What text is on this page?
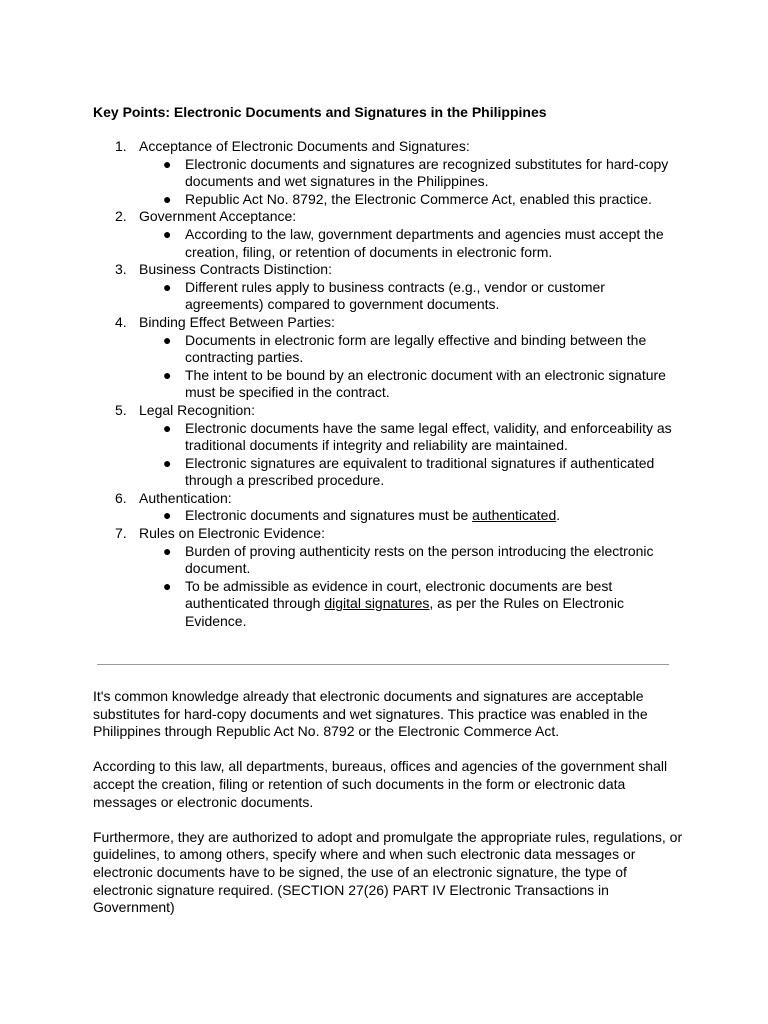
Key Points: Electronic Documents and Signatures in the Philippines
1. Acceptance of Electronic Documents and Signatures:
● Electronic documents and signatures are recognized substitutes for hard-copy documents and wet signatures in the Philippines.
● Republic Act No. 8792, the Electronic Commerce Act, enabled this practice.
2. Government Acceptance:
● According to the law, government departments and agencies must accept the creation, filing, or retention of documents in electronic form.
3. Business Contracts Distinction:
● Different rules apply to business contracts (e.g., vendor or customer agreements) compared to government documents.
4. Binding Effect Between Parties:
● Documents in electronic form are legally effective and binding between the contracting parties.
● The intent to be bound by an electronic document with an electronic signature must be specified in the contract.
5. Legal Recognition:
● Electronic documents have the same legal effect, validity, and enforceability as traditional documents if integrity and reliability are maintained.
● Electronic signatures are equivalent to traditional signatures if authenticated through a prescribed procedure.
6. Authentication:
● Electronic documents and signatures must be authenticated.
7. Rules on Electronic Evidence:
● Burden of proving authenticity rests on the person introducing the electronic document.
● To be admissible as evidence in court, electronic documents are best authenticated through digital signatures, as per the Rules on Electronic Evidence.

It's common knowledge already that electronic documents and signatures are acceptable substitutes for hard-copy documents and wet signatures. This practice was enabled in the Philippines through Republic Act No. 8792 or the Electronic Commerce Act.

According to this law, all departments, bureaus, offices and agencies of the government shall accept the creation, filing or retention of such documents in the form or electronic data messages or electronic documents.

Furthermore, they are authorized to adopt and promulgate the appropriate rules, regulations, or guidelines, to among others, specify where and when such electronic data messages or electronic documents have to be signed, the use of an electronic signature, the type of electronic signature required. (SECTION 27(26) PART IV Electronic Transactions in Government)
